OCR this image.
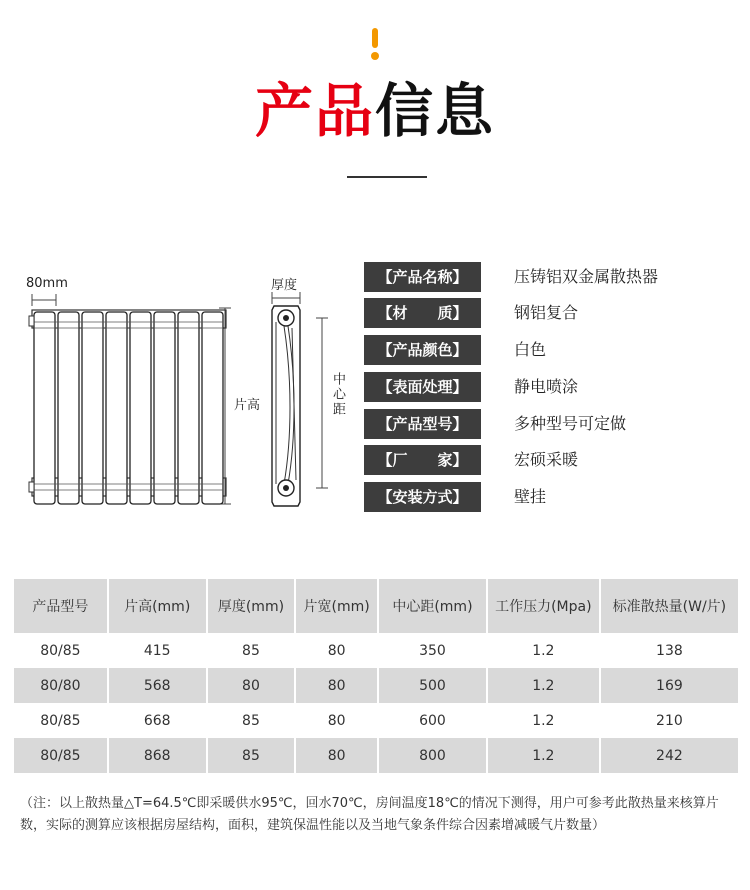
产品信息
80mm
片高
厚度
中心距
【产品名称】	压铸铝双金属散热器
【材　　质】	钢铝复合
【产品颜色】	白色
【表面处理】	静电喷涂
【产品型号】	多种型号可定做
【厂　　家】	宏硕采暖
【安装方式】	壁挂
产品型号	片高(mm)	厚度(mm)	片宽(mm)	中心距(mm)	工作压力(Mpa)	标准散热量(W/片)
80/85	415	85	80	350	1.2	138
80/80	568	80	80	500	1.2	169
80/85	668	85	80	600	1.2	210
80/85	868	85	80	800	1.2	242
（注：以上散热量△T=64.5℃即采暖供水95℃，回水70℃，房间温度18℃的情况下测得，用户可参考此散热量来核算片数，实际的测算应该根据房屋结构，面积，建筑保温性能以及当地气象条件综合因素增减暖气片数量）
